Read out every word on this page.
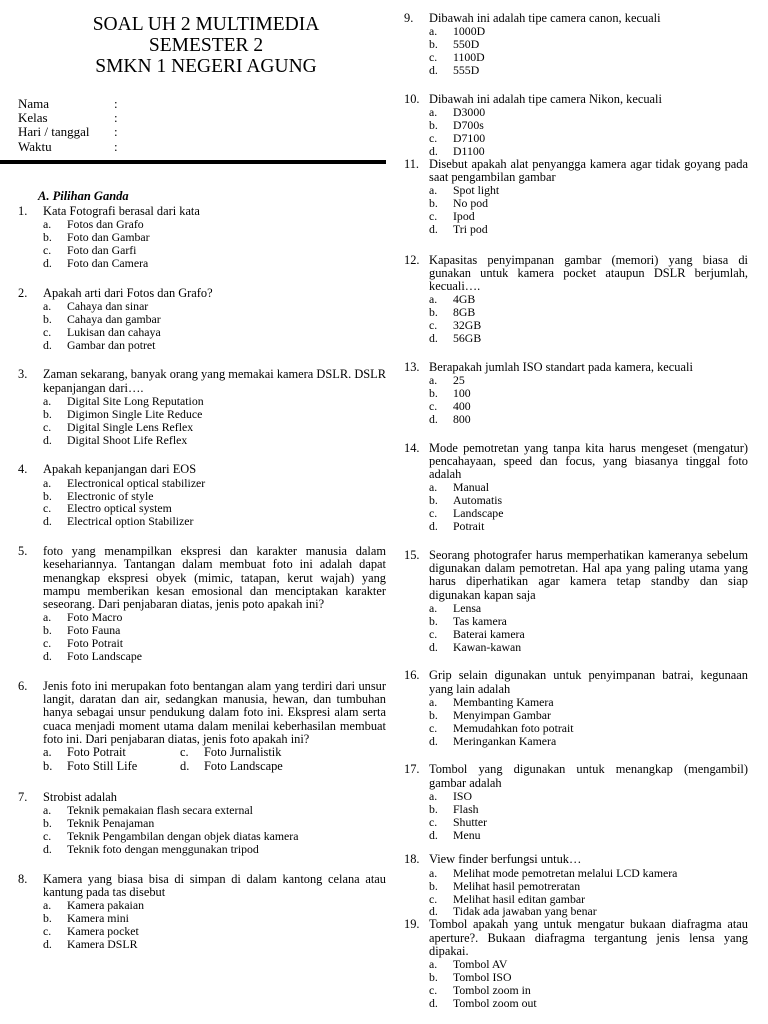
SOAL UH 2 MULTIMEDIA
SEMESTER 2
SMKN 1 NEGERI AGUNG
Nama	:
Kelas	:
Hari / tanggal :
Waktu	:
A. Pilihan Ganda
1. Kata Fotografi berasal dari kata
a. Fotos dan Grafo
b. Foto dan Gambar
c. Foto dan Garfi
d. Foto dan Camera
2. Apakah arti dari Fotos dan Grafo?
a. Cahaya dan sinar
b. Cahaya dan gambar
c. Lukisan dan cahaya
d. Gambar dan potret
3. Zaman sekarang, banyak orang yang memakai kamera DSLR. DSLR kepanjangan dari….
a. Digital Site Long Reputation
b. Digimon Single Lite Reduce
c. Digital Single Lens Reflex
d. Digital Shoot Life Reflex
4. Apakah kepanjangan dari EOS
a. Electronical optical stabilizer
b. Electronic of style
c. Electro optical system
d. Electrical option Stabilizer
5. foto yang menampilkan ekspresi dan karakter manusia dalam kesehariannya. Tantangan dalam membuat foto ini adalah dapat menangkap ekspresi obyek (mimic, tatapan, kerut wajah) yang mampu memberikan kesan emosional dan menciptakan karakter seseorang. Dari penjabaran diatas, jenis poto apakah ini?
a. Foto Macro
b. Foto Fauna
c. Foto Potrait
d. Foto Landscape
6. Jenis foto ini merupakan foto bentangan alam yang terdiri dari unsur langit, daratan dan air, sedangkan manusia, hewan, dan tumbuhan hanya sebagai unsur pendukung dalam foto ini. Ekspresi alam serta cuaca menjadi moment utama dalam menilai keberhasilan membuat foto ini. Dari penjabaran diatas, jenis foto apakah ini?
a. Foto Potrait	c. Foto Jurnalistik
b. Foto Still Life	d. Foto Landscape
7. Strobist adalah
a. Teknik pemakaian flash secara external
b. Teknik Penajaman
c. Teknik Pengambilan dengan objek diatas kamera
d. Teknik foto dengan menggunakan tripod
8. Kamera yang biasa bisa di simpan di dalam kantong celana atau kantung pada tas disebut
a. Kamera pakaian
b. Kamera mini
c. Kamera pocket
d. Kamera DSLR
9. Dibawah ini adalah tipe camera canon, kecuali
a. 1000D
b. 550D
c. 1100D
d. 555D
10. Dibawah ini adalah tipe camera Nikon, kecuali
a. D3000
b. D700s
c. D7100
d. D1100
11. Disebut apakah alat penyangga kamera agar tidak goyang pada saat pengambilan gambar
a. Spot light
b. No pod
c. Ipod
d. Tri pod
12. Kapasitas penyimpanan gambar (memori) yang biasa di gunakan untuk kamera pocket ataupun DSLR berjumlah, kecuali….
a. 4GB
b. 8GB
c. 32GB
d. 56GB
13. Berapakah jumlah ISO standart pada kamera, kecuali
a. 25
b. 100
c. 400
d. 800
14. Mode pemotretan yang tanpa kita harus mengeset (mengatur) pencahayaan, speed dan focus, yang biasanya tinggal foto adalah
a. Manual
b. Automatis
c. Landscape
d. Potrait
15. Seorang photografer harus memperhatikan kameranya sebelum digunakan dalam pemotretan. Hal apa yang paling utama yang harus diperhatikan agar kamera tetap standby dan siap digunakan kapan saja
a. Lensa
b. Tas kamera
c. Baterai kamera
d. Kawan-kawan
16. Grip selain digunakan untuk penyimpanan batrai, kegunaan yang lain adalah
a. Membanting Kamera
b. Menyimpan Gambar
c. Memudahkan foto potrait
d. Meringankan Kamera
17. Tombol yang digunakan untuk menangkap (mengambil) gambar adalah
a. ISO
b. Flash
c. Shutter
d. Menu
18. View finder berfungsi untuk…
a. Melihat mode pemotretan melalui LCD kamera
b. Melihat hasil pemotreratan
c. Melihat hasil editan gambar
d. Tidak ada jawaban yang benar
19. Tombol apakah yang untuk mengatur bukaan diafragma atau aperture?. Bukaan diafragma tergantung jenis lensa yang dipakai.
a. Tombol AV
b. Tombol ISO
c. Tombol zoom in
d. Tombol zoom out
